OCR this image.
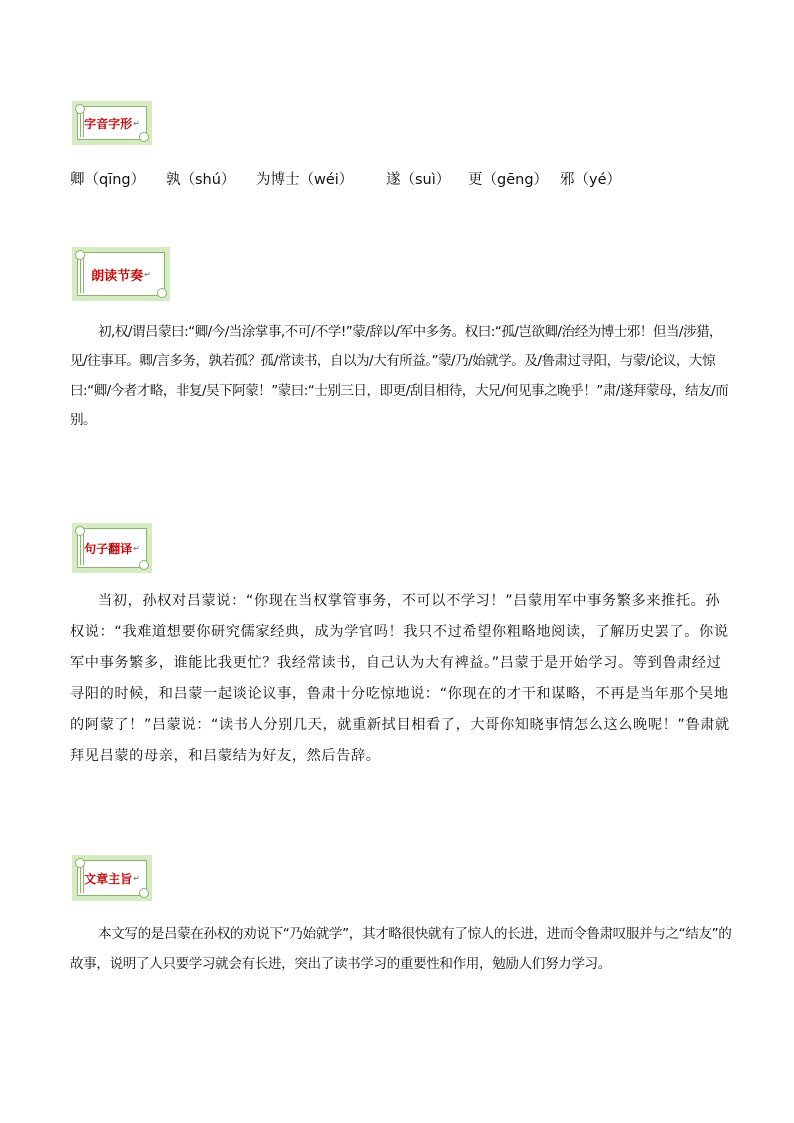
字音字形 ↵
卿（qīng） 孰（shú） 为博士（wéi） 遂（suì） 更（gēng） 邪（yé）
朗读节奏 ↵

初,权/谓吕蒙曰:“卿/今/当涂掌事,不可/不学!”蒙/辞以/军中多务。权曰:“孤/岂欲卿/治经为博士邪！但当/涉猎，见/往事耳。卿/言多务，孰若孤？孤/常读书，自以为/大有所益。”蒙/乃/始就学。及/鲁肃过寻阳，与蒙/论议，大惊曰:“卿/今者才略，非复/吴下阿蒙！”蒙曰:“士别三日，即更/刮目相待，大兄/何见事之晚乎！”肃/遂拜蒙母，结友/而别。

句子翻译 ↵

当初，孙权对吕蒙说：“你现在当权掌管事务，不可以不学习！”吕蒙用军中事务繁多来推托。孙权说：“我难道想要你研究儒家经典，成为学官吗！我只不过希望你粗略地阅读，了解历史罢了。你说军中事务繁多，谁能比我更忙？我经常读书，自己认为大有裨益。”吕蒙于是开始学习。等到鲁肃经过寻阳的时候，和吕蒙一起谈论议事，鲁肃十分吃惊地说：“你现在的才干和谋略，不再是当年那个吴地的阿蒙了！”吕蒙说：“读书人分别几天，就重新拭目相看了，大哥你知晓事情怎么这么晚呢！”鲁肃就拜见吕蒙的母亲，和吕蒙结为好友，然后告辞。

文章主旨 ↵

本文写的是吕蒙在孙权的劝说下“乃始就学”，其才略很快就有了惊人的长进，进而令鲁肃叹服并与之“结友”的故事，说明了人只要学习就会有长进，突出了读书学习的重要性和作用，勉励人们努力学习。
